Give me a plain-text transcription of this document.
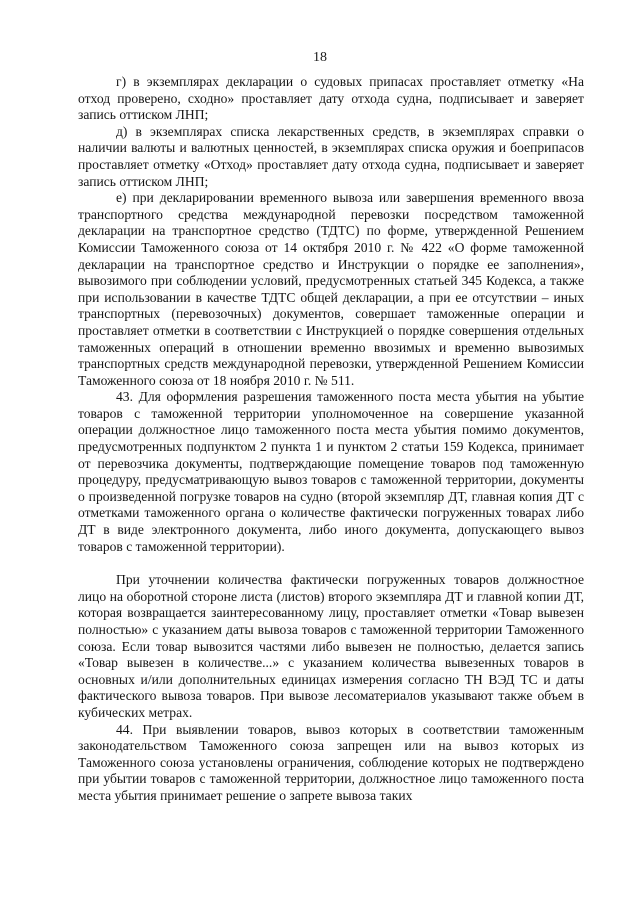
18

г) в экземплярах декларации о судовых припасах проставляет отметку «На отход проверено, сходно» проставляет дату отхода судна, подписывает и заверяет запись оттиском ЛНП;

д) в экземплярах списка лекарственных средств, в экземплярах справки о наличии валюты и валютных ценностей, в экземплярах списка оружия и боеприпасов проставляет отметку «Отход» проставляет дату отхода судна, подписывает и заверяет запись оттиском ЛНП;

е) при декларировании временного вывоза или завершения временного ввоза транспортного средства международной перевозки посредством таможенной декларации на транспортное средство (ТДТС) по форме, утвержденной Решением Комиссии Таможенного союза от 14 октября 2010 г. № 422 «О форме таможенной декларации на транспортное средство и Инструкции о порядке ее заполнения», вывозимого при соблюдении условий, предусмотренных статьей 345 Кодекса, а также при использовании в качестве ТДТС общей декларации, а при ее отсутствии – иных транспортных (перевозочных) документов, совершает таможенные операции и проставляет отметки в соответствии с Инструкцией о порядке совершения отдельных таможенных операций в отношении временно ввозимых и временно вывозимых транспортных средств международной перевозки, утвержденной Решением Комиссии Таможенного союза от 18 ноября 2010 г. № 511.

43. Для оформления разрешения таможенного поста места убытия на убытие товаров с таможенной территории уполномоченное на совершение указанной операции должностное лицо таможенного поста места убытия помимо документов, предусмотренных подпунктом 2 пункта 1 и пунктом 2 статьи 159 Кодекса, принимает от перевозчика документы, подтверждающие помещение товаров под таможенную процедуру, предусматривающую вывоз товаров с таможенной территории, документы о произведенной погрузке товаров на судно (второй экземпляр ДТ, главная копия ДТ с отметками таможенного органа о количестве фактически погруженных товарах либо ДТ в виде электронного документа, либо иного документа, допускающего вывоз товаров с таможенной территории).

При уточнении количества фактически погруженных товаров должностное лицо на оборотной стороне листа (листов) второго экземпляра ДТ и главной копии ДТ, которая возвращается заинтересованному лицу, проставляет отметки «Товар вывезен полностью» с указанием даты вывоза товаров с таможенной территории Таможенного союза. Если товар вывозится частями либо вывезен не полностью, делается запись «Товар вывезен в количестве...» с указанием количества вывезенных товаров в основных и/или дополнительных единицах измерения согласно ТН ВЭД ТС и даты фактического вывоза товаров. При вывозе лесоматериалов указывают также объем в кубических метрах.

44. При выявлении товаров, вывоз которых в соответствии таможенным законодательством Таможенного союза запрещен или на вывоз которых из Таможенного союза установлены ограничения, соблюдение которых не подтверждено при убытии товаров с таможенной территории, должностное лицо таможенного поста места убытия принимает решение о запрете вывоза таких
